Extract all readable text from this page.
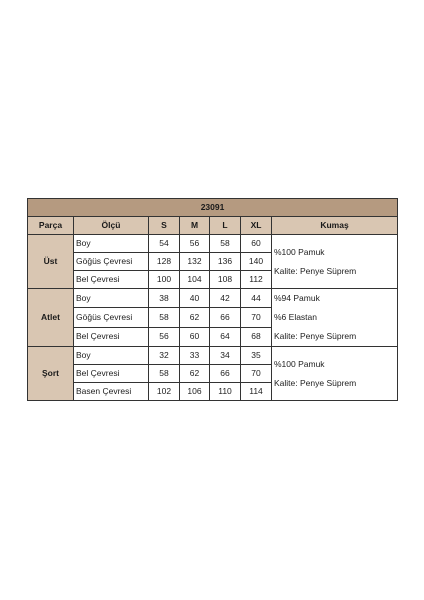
23091						
Parça	Ölçü	S	M	L	XL	Kumaş
Üst	Boy	54	56	58	60	%100 Pamuk
Kalite: Penye Süprem

	Göğüs Çevresi	128	132	136	140	
	Bel Çevresi	100	104	108	112	
Atlet	Boy	38	40	42	44	%94 Pamuk
%6 Elastan
Kalite: Penye Süprem

	Göğüs Çevresi	58	62	66	70	
	Bel Çevresi	56	60	64	68	
Şort	Boy	32	33	34	35	%100 Pamuk
Kalite: Penye Süprem

	Bel Çevresi	58	62	66	70	
	Basen Çevresi	102	106	110	114	
